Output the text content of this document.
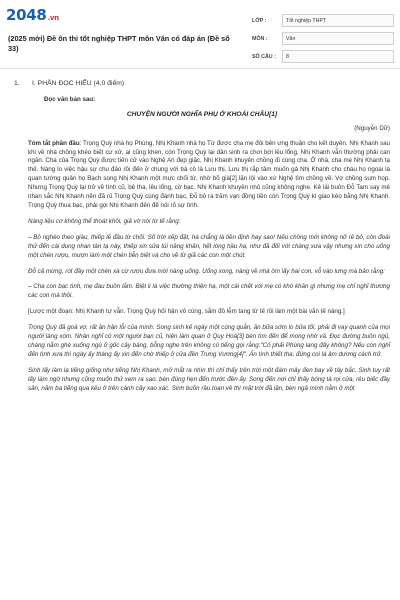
2048.vn
(2025 mới) Đề ôn thi tốt nghiệp THPT môn Văn có đáp án (Đề số 33)
LỚP :	Tốt nghiệp THPT
MÔN :	Văn
SỐ CÂU :	8
1.	I. PHẦN ĐỌC HIỂU (4,0 điểm)
Đọc văn bản sau:
CHUYỆN NGƯỜI NGHĨA PHỤ Ở KHOÁI CHÂU[1]
(Nguyễn Dữ)

Tóm tắt phần đầu: Trọng Quỳ nhà họ Phùng, Nhị Khanh nhà họ Từ được cha mẹ đôi bên ưng thuận cho kết duyên. Nhị Khanh sau khi về nhà chồng khéo biết cư xử, ai cũng khen, còn Trọng Quỳ lại dần sinh ra chơi bời lêu lổng, Nhị Khanh vẫn thường phải can ngăn. Cha của Trọng Quỳ được tiến cử vào Nghệ An đẹp giặc, Nhị Khanh khuyên chồng đi cùng cha. Ở nhà, cha mẹ Nhị Khanh tạ thế. Nàng lo việc hậu sự chu đáo rồi đến ở chung với bà cô là Lưu thị. Lưu thị rắp tâm muốn gả Nhị Khanh cho cháu họ ngoại là quan tướng quân họ Bạch song Nhị Khanh một mực chối từ, nhờ bõ già[2] lặn lội vào xứ Nghệ tìm chồng về. Vợ chồng sum họp. Nhưng Trọng Quỳ lại trở về tính cũ, bê tha, lêu lổng, cờ bạc. Nhị Khanh khuyên nhủ cũng không nghe. Kẻ lái buôn Đỗ Tam say mê nhan sắc Nhị Khanh nên đã rủ Trọng Quỳ cùng đánh bạc, Đỗ bỏ ra trăm vạn đồng tiền còn Trọng Quỳ kí giao kèo bằng Nhị Khanh. Trọng Quỳ thua bạc, phải gọi Nhị Khanh đến để nói rõ sự tình.

Nàng liệu cơ không thể thoát khỏi, giả vờ nói từ tế rằng:

– Bỏ nghèo theo giàu, thiếp lẽ đâu từ chối. Số trời xếp đặt, há chẳng là tiền định hay sao! Nếu chồng mới không nỡ rẻ bỏ, còn đoái thử đến cái dung nhan tàn tạ này, thiếp xin sửa túi nâng khăn, hết lòng hầu hạ, như đã đối với chàng xưa vậy nhưng xin cho uống một chén rượu, mượn làm một chén tiễn biệt và cho về từ giã các con một chút.

Đỗ cả mừng, rót đầy một chén xà cừ rượu đưa mời nàng uống. Uống xong, nàng về nhà ôm lấy hai con, vỗ vào lưng mà bảo rằng:

– Cha con bạc tình, mẹ đau buồn lắm. Biệt li là việc thường thiện hạ, một cái chết với mẹ có khó khăn gì nhưng mẹ chỉ nghĩ thương các con mà thôi.

[Lược một đoạn: Nhị Khanh tự vẫn. Trọng Quỳ hối hận vô cùng, sắm đồ lễm tang từ tế rồi làm một bài văn tế nàng.]

Trọng Quỳ đã goá vợ, rất ân hận lỗi của mình. Song sinh kế ngày một cùng quẫn, ăn bữa sớm lo bữa tối, phải đi vay quanh của mọi người làng xóm. Nhân nghĩ có một người bạn cũ, hiện làm quan ở Quy Hoá[3] bèn tìm đến để mong nhờ vả. Đọc đường buồn ngủ, chàng nằm ghé xuống ngủ ở gốc cây bàng, bỗng nghe trên không có tiếng gọi rằng:"Có phải Phùng lang đấy không? Nếu còn nghĩ đến tình xưa thì ngày ấy tháng ấy xin đến chờ thiếp ở cửa đền Trưng Vương[4]". Ấn tình thiết tha, đứng coi là âm dương cách trở.

Sinh lấy làm lạ tiếng giống như tiếng Nhị Khanh, mở mắt ra nhìn thì chỉ thấy trên trời một đám mây đen bay về tây bắc. Sinh tuy rất lấy làm ngờ nhưng cũng muốn thử xem ra sao, bèn đúng hẹn đến trước đền ấy. Song đến nơi chỉ thấy bóng tà rọi cửa, rêu biếc đầy sân, năm ba tiếng qua kêu ở trên cành cây xao xác. Sinh buồn rầu toan về thì mặt trời đã lặn, bèn ngả mình nằm ở một
